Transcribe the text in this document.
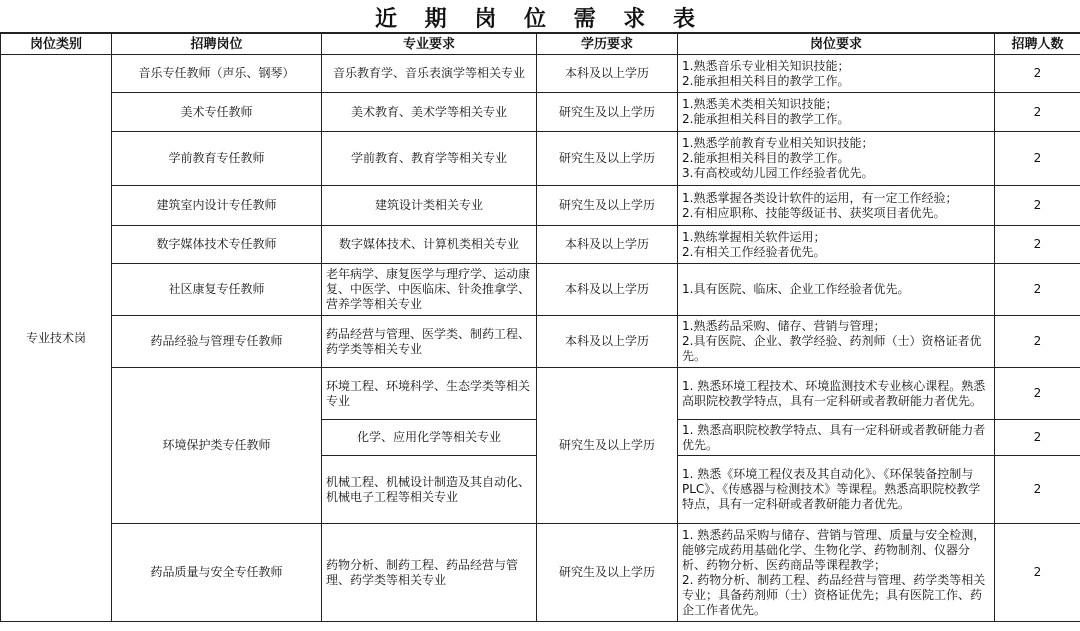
近 期 岗 位 需 求 表
岗位类别	招聘岗位	专业要求	学历要求	岗位要求	招聘人数
专业技术岗	音乐专任教师（声乐、钢琴）	音乐教育学、音乐表演学等相关专业	本科及以上学历	1.熟悉音乐专业相关知识技能；
2.能承担相关科目的教学工作。	2
	美术专任教师	美术教育、美术学等相关专业	研究生及以上学历	1.熟悉美术类相关知识技能；
2.能承担相关科目的教学工作。	2
	学前教育专任教师	学前教育、教育学等相关专业	研究生及以上学历	1.熟悉学前教育专业相关知识技能；
2.能承担相关科目的教学工作。
3.有高校或幼儿园工作经验者优先。	2
	建筑室内设计专任教师	建筑设计类相关专业	研究生及以上学历	1.熟悉掌握各类设计软件的运用，有一定工作经验；
2.有相应职称、技能等级证书、获奖项目者优先。	2
	数字媒体技术专任教师	数字媒体技术、计算机类相关专业	本科及以上学历	1.熟练掌握相关软件运用；
2.有相关工作经验者优先。	2
	社区康复专任教师	老年病学、康复医学与理疗学、运动康复、中医学、中医临床、针灸推拿学、营养学等相关专业	本科及以上学历	1.具有医院、临床、企业工作经验者优先。	2
	药品经验与管理专任教师	药品经营与管理、医学类、制药工程、药学类等相关专业	本科及以上学历	1.熟悉药品采购、储存、营销与管理；
2.具有医院、企业、教学经验、药剂师（士）资格证者优先。	2
	环境保护类专任教师	环境工程、环境科学、生态学类等相关专业	研究生及以上学历	1. 熟悉环境工程技术、环境监测技术专业核心课程。熟悉高职院校教学特点，具有一定科研或者教研能力者优先。	2
		化学、应用化学等相关专业		1. 熟悉高职院校教学特点、具有一定科研或者教研能力者优先。	2
		机械工程、机械设计制造及其自动化、机械电子工程等相关专业		1. 熟悉《环境工程仪表及其自动化》、《环保装备控制与PLC》、《传感器与检测技术》等课程。熟悉高职院校教学特点，具有一定科研或者教研能力者优先。	2
	药品质量与安全专任教师	药物分析、制药工程、药品经营与管理、药学类等相关专业	研究生及以上学历	1. 熟悉药品采购与储存、营销与管理、质量与安全检测，能够完成药用基础化学、生物化学、药物制剂、仪器分析、药物分析、医药商品等课程教学；
2. 药物分析、制药工程、药品经营与管理、药学类等相关专业；具备药剂师（士）资格证优先；具有医院工作、药企工作者优先。	2
